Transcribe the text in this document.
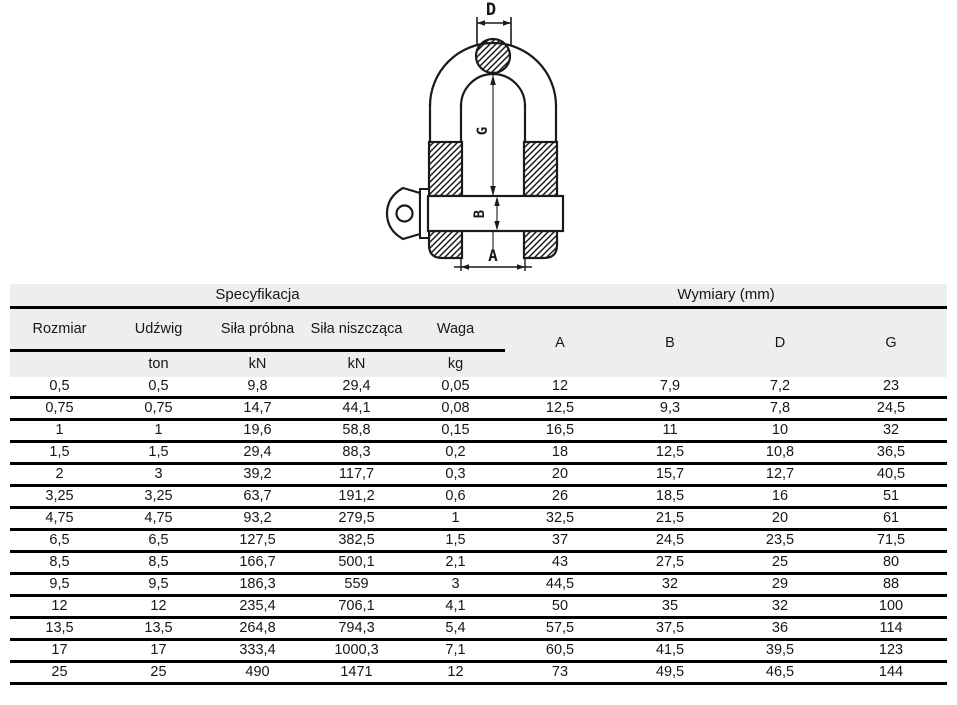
D
G
B
A
Specyfikacja					Wymiary (mm)			
Rozmiar	Udźwig	Siła próbna	Siła niszcząca	Waga	A	B	D	G
	ton	kN	kN	kg				
0,5	0,5	9,8	29,4	0,05	12	7,9	7,2	23
0,75	0,75	14,7	44,1	0,08	12,5	9,3	7,8	24,5
1	1	19,6	58,8	0,15	16,5	11	10	32
1,5	1,5	29,4	88,3	0,2	18	12,5	10,8	36,5
2	3	39,2	117,7	0,3	20	15,7	12,7	40,5
3,25	3,25	63,7	191,2	0,6	26	18,5	16	51
4,75	4,75	93,2	279,5	1	32,5	21,5	20	61
6,5	6,5	127,5	382,5	1,5	37	24,5	23,5	71,5
8,5	8,5	166,7	500,1	2,1	43	27,5	25	80
9,5	9,5	186,3	559	3	44,5	32	29	88
12	12	235,4	706,1	4,1	50	35	32	100
13,5	13,5	264,8	794,3	5,4	57,5	37,5	36	114
17	17	333,4	1000,3	7,1	60,5	41,5	39,5	123
25	25	490	1471	12	73	49,5	46,5	144
